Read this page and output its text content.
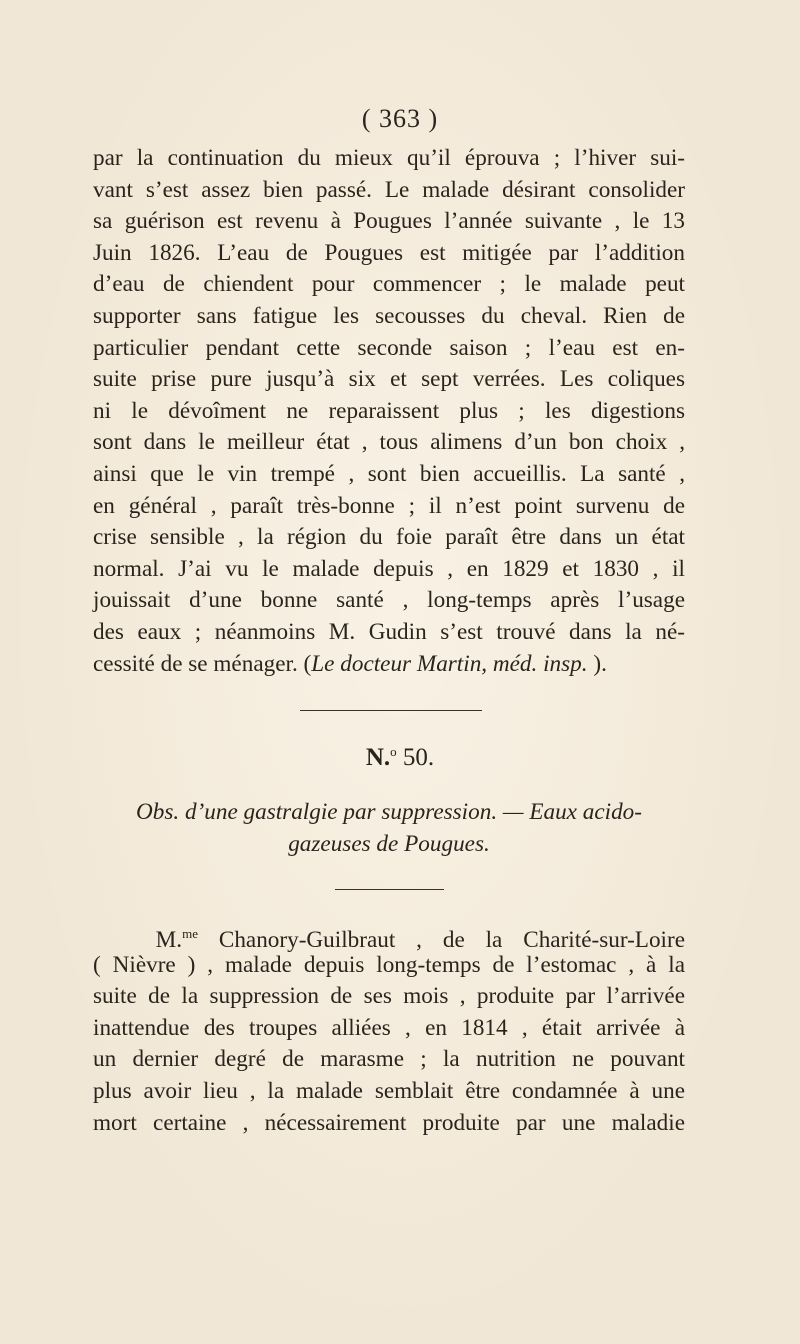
( 363 )
par la continuation du mieux qu’il éprouva ; l’hiver sui-
vant s’est assez bien passé. Le malade désirant consolider
sa guérison est revenu à Pougues l’année suivante , le 13
Juin 1826. L’eau de Pougues est mitigée par l’addition
d’eau de chiendent pour commencer ; le malade peut
supporter sans fatigue les secousses du cheval. Rien de
particulier pendant cette seconde saison ; l’eau est en-
suite prise pure jusqu’à six et sept verrées. Les coliques
ni le dévoîment ne reparaissent plus ; les digestions
sont dans le meilleur état , tous alimens d’un bon choix ,
ainsi que le vin trempé , sont bien accueillis. La santé ,
en général , paraît très-bonne ; il n’est point survenu de
crise sensible , la région du foie paraît être dans un état
normal. J’ai vu le malade depuis , en 1829 et 1830 , il
jouissait d’une bonne santé , long-temps après l’usage
des eaux ; néanmoins M. Gudin s’est trouvé dans la né-
cessité de se ménager. (Le docteur Martin, méd. insp. ).
N.$^o$ 50.
Obs. d’une gastralgie par suppression. — Eaux acido-
gazeuses de Pougues.
M.$^{me}$ Chanory-Guilbraut , de la Charité-sur-Loire
( Nièvre ) , malade depuis long-temps de l’estomac , à la
suite de la suppression de ses mois , produite par l’arrivée
inattendue des troupes alliées , en 1814 , était arrivée à
un dernier degré de marasme ; la nutrition ne pouvant
plus avoir lieu , la malade semblait être condamnée à une
mort certaine , nécessairement produite par une maladie
